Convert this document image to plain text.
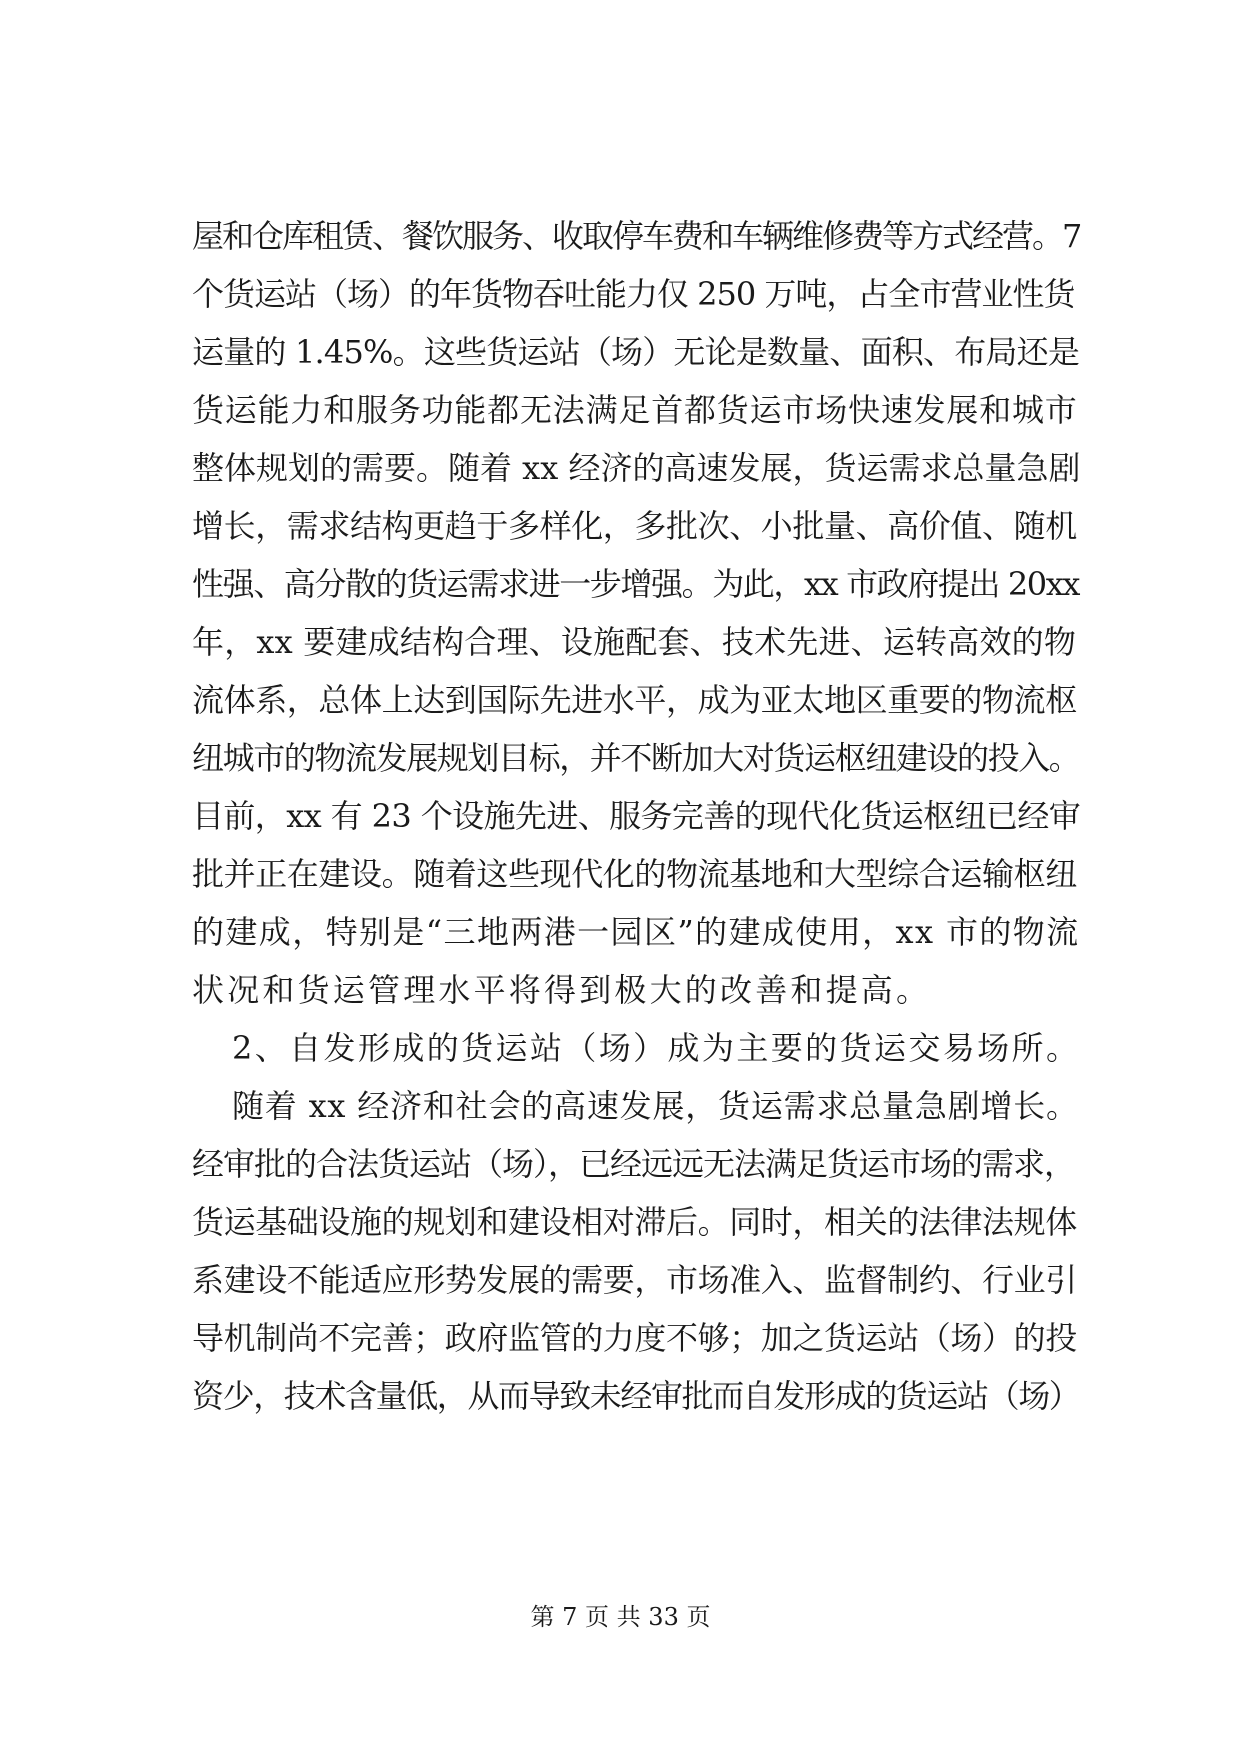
屋和仓库租赁、餐饮服务、收取停车费和车辆维修费等方式经营。7
个货运站（场）的年货物吞吐能力仅 250 万吨，占全市营业性货
运量的 1.45%。这些货运站（场）无论是数量、面积、布局还是
货运能力和服务功能都无法满足首都货运市场快速发展和城市
整体规划的需要。随着 xx 经济的高速发展，货运需求总量急剧
增长，需求结构更趋于多样化，多批次、小批量、高价值、随机
性强、高分散的货运需求进一步增强。为此，xx 市政府提出 20xx
年，xx 要建成结构合理、设施配套、技术先进、运转高效的物
流体系，总体上达到国际先进水平，成为亚太地区重要的物流枢
纽城市的物流发展规划目标，并不断加大对货运枢纽建设的投入。
目前，xx 有 23 个设施先进、服务完善的现代化货运枢纽已经审
批并正在建设。随着这些现代化的物流基地和大型综合运输枢纽
的建成，特别是“三地两港一园区”的建成使用，xx 市的物流
状况和货运管理水平将得到极大的改善和提高。
2、自发形成的货运站（场）成为主要的货运交易场所。
随着 xx 经济和社会的高速发展，货运需求总量急剧增长。
经审批的合法货运站（场），已经远远无法满足货运市场的需求，
货运基础设施的规划和建设相对滞后。同时，相关的法律法规体
系建设不能适应形势发展的需要，市场准入、监督制约、行业引
导机制尚不完善；政府监管的力度不够；加之货运站（场）的投
资少，技术含量低，从而导致未经审批而自发形成的货运站（场）
第 7 页 共 33 页
